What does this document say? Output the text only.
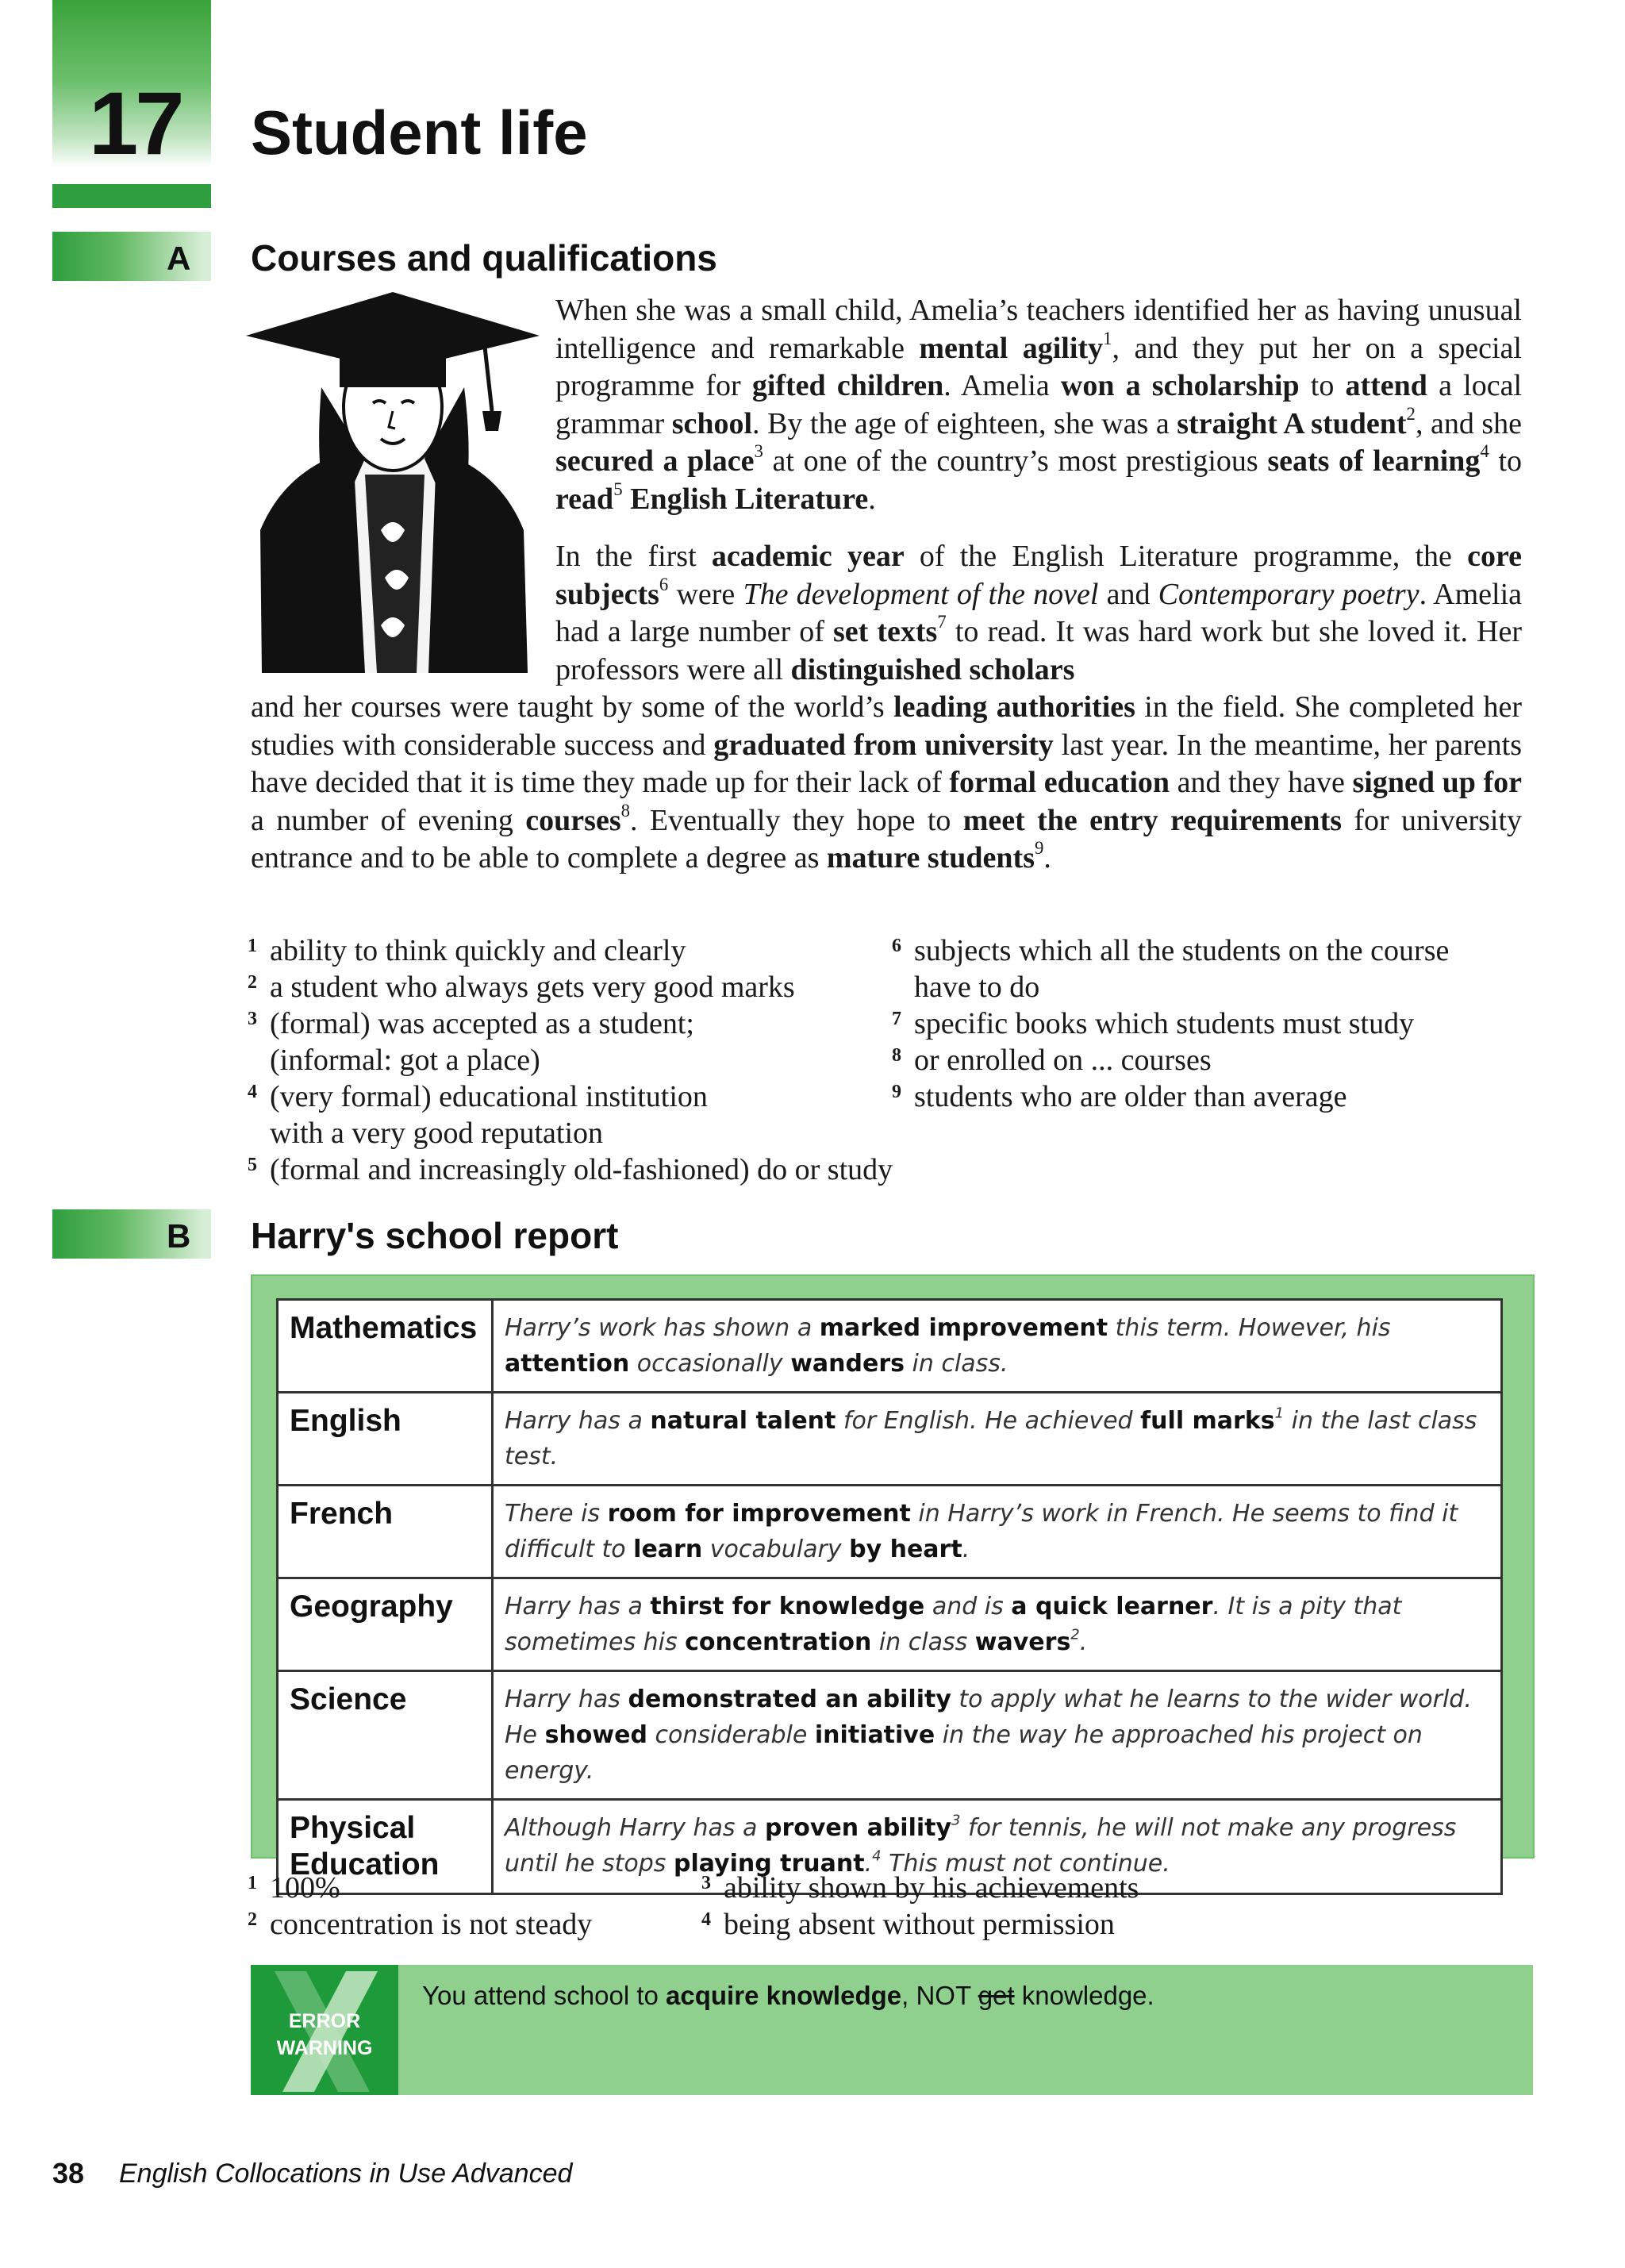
17 Student life
A Courses and qualifications

When she was a small child, Amelia’s teachers identified her as having unusual intelligence and remarkable mental agility$^1$, and they put her on a special programme for gifted children. Amelia won a scholarship to attend a local grammar school. By the age of eighteen, she was a straight A student$^2$, and she secured a place$^3$ at one of the country’s most prestigious seats of learning$^4$ to read$^5$ English Literature.

In the first academic year of the English Literature programme, the core subjects$^6$ were The development of the novel and Contemporary poetry. Amelia had a large number of set texts$^7$ to read. It was hard work but she loved it. Her professors were all distinguished scholars

and her courses were taught by some of the world’s leading authorities in the field. She completed her studies with considerable success and graduated from university last year. In the meantime, her parents have decided that it is time they made up for their lack of formal education and they have signed up for a number of evening courses$^8$. Eventually they hope to meet the entry requirements for university entrance and to be able to complete a degree as mature students$^9$.

1 ability to think quickly and clearly
2 a student who always gets very good marks
3 (formal) was accepted as a student;
(informal: got a place)
4 (very formal) educational institution
with a very good reputation
5 (formal and increasingly old-fashioned) do or study
6 subjects which all the students on the course
have to do
7 specific books which students must study
8 or enrolled on ... courses
9 students who are older than average
B Harry's school report
Mathematics	Harry’s work has shown a marked improvement this term. However, his attention occasionally wanders in class.
English	Harry has a natural talent for English. He achieved full marks$^1$ in the last class test.
French	There is room for improvement in Harry’s work in French. He seems to find it difficult to learn vocabulary by heart.
Geography	Harry has a thirst for knowledge and is a quick learner. It is a pity that sometimes his concentration in class wavers$^2$.
Science	Harry has demonstrated an ability to apply what he learns to the wider world. He showed considerable initiative in the way he approached his project on energy.
Physical Education	Although Harry has a proven ability$^3$ for tennis, he will not make any progress until he stops playing truant.$^4$ This must not continue.
1 100%
2 concentration is not steady
3 ability shown by his achievements
4 being absent without permission
ERROR
WARNING
You attend school to acquire knowledge, NOT get knowledge.
38 English Collocations in Use Advanced
